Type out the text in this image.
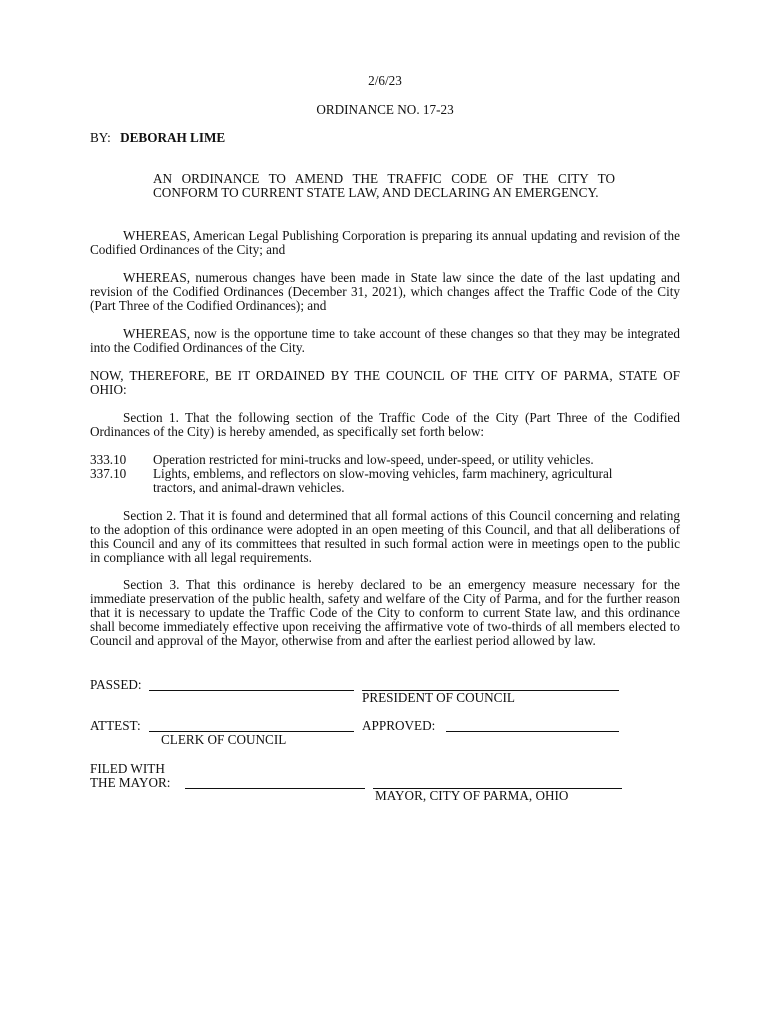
2/6/23
ORDINANCE NO. 17-23
BY: DEBORAH LIME
AN ORDINANCE TO AMEND THE TRAFFIC CODE OF THE CITY TO CONFORM TO CURRENT STATE LAW, AND DECLARING AN EMERGENCY.

WHEREAS, American Legal Publishing Corporation is preparing its annual updating and revision of the Codified Ordinances of the City; and

WHEREAS, numerous changes have been made in State law since the date of the last updating and revision of the Codified Ordinances (December 31, 2021), which changes affect the Traffic Code of the City (Part Three of the Codified Ordinances); and

WHEREAS, now is the opportune time to take account of these changes so that they may be integrated into the Codified Ordinances of the City.

NOW, THEREFORE, BE IT ORDAINED BY THE COUNCIL OF THE CITY OF PARMA, STATE OF OHIO:

Section 1. That the following section of the Traffic Code of the City (Part Three of the Codified Ordinances of the City) is hereby amended, as specifically set forth below:

333.10	Operation restricted for mini-trucks and low-speed, under-speed, or utility vehicles.
337.10	Lights, emblems, and reflectors on slow-moving vehicles, farm machinery, agricultural tractors, and animal-drawn vehicles.

Section 2. That it is found and determined that all formal actions of this Council concerning and relating to the adoption of this ordinance were adopted in an open meeting of this Council, and that all deliberations of this Council and any of its committees that resulted in such formal action were in meetings open to the public in compliance with all legal requirements.

Section 3. That this ordinance is hereby declared to be an emergency measure necessary for the immediate preservation of the public health, safety and welfare of the City of Parma, and for the further reason that it is necessary to update the Traffic Code of the City to conform to current State law, and this ordinance shall become immediately effective upon receiving the affirmative vote of two-thirds of all members elected to Council and approval of the Mayor, otherwise from and after the earliest period allowed by law.

PASSED:
PRESIDENT OF COUNCIL
ATTEST:	APPROVED:
CLERK OF COUNCIL
FILED WITH
THE MAYOR:
MAYOR, CITY OF PARMA, OHIO
